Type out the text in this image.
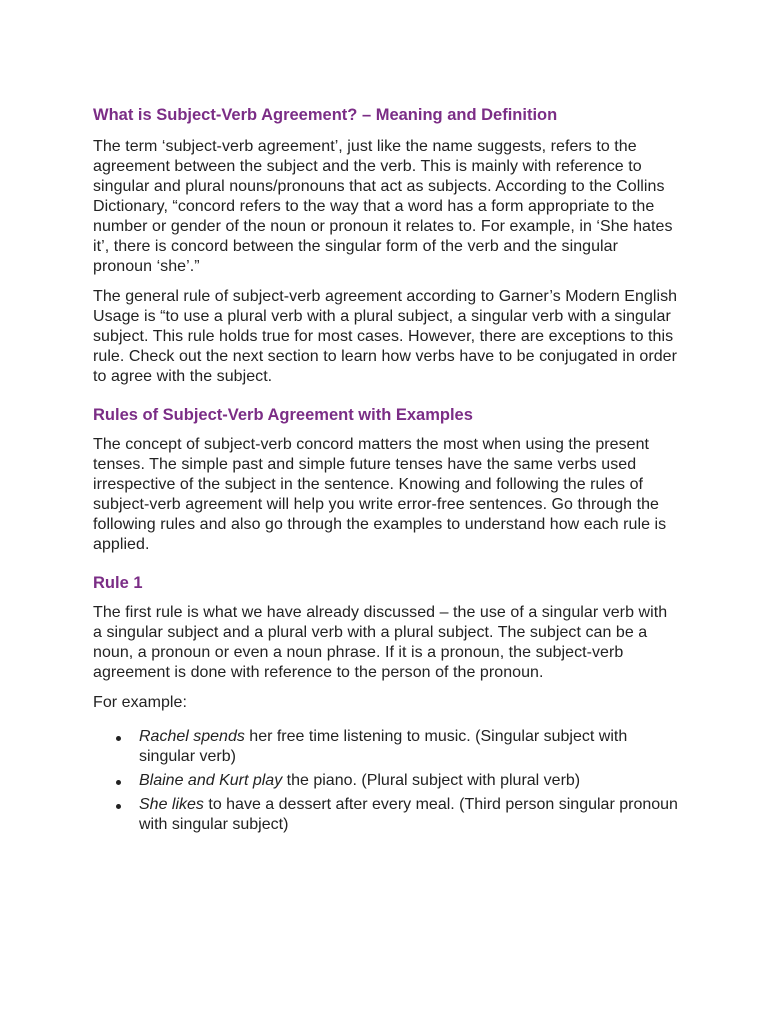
What is Subject-Verb Agreement? – Meaning and Definition

The term ‘subject-verb agreement’, just like the name suggests, refers to the agreement between the subject and the verb. This is mainly with reference to singular and plural nouns/pronouns that act as subjects. According to the Collins Dictionary, “concord refers to the way that a word has a form appropriate to the number or gender of the noun or pronoun it relates to. For example, in ‘She hates it’, there is concord between the singular form of the verb and the singular pronoun ‘she’.”

The general rule of subject-verb agreement according to Garner’s Modern English Usage is “to use a plural verb with a plural subject, a singular verb with a singular subject. This rule holds true for most cases. However, there are exceptions to this rule. Check out the next section to learn how verbs have to be conjugated in order to agree with the subject.

Rules of Subject-Verb Agreement with Examples

The concept of subject-verb concord matters the most when using the present tenses. The simple past and simple future tenses have the same verbs used irrespective of the subject in the sentence. Knowing and following the rules of subject-verb agreement will help you write error-free sentences. Go through the following rules and also go through the examples to understand how each rule is applied.

Rule 1

The first rule is what we have already discussed – the use of a singular verb with a singular subject and a plural verb with a plural subject. The subject can be a noun, a pronoun or even a noun phrase. If it is a pronoun, the subject-verb agreement is done with reference to the person of the pronoun.

For example:

Rachel spends her free time listening to music. (Singular subject with singular verb)
Blaine and Kurt play the piano. (Plural subject with plural verb)
She likes to have a dessert after every meal. (Third person singular pronoun with singular subject)
